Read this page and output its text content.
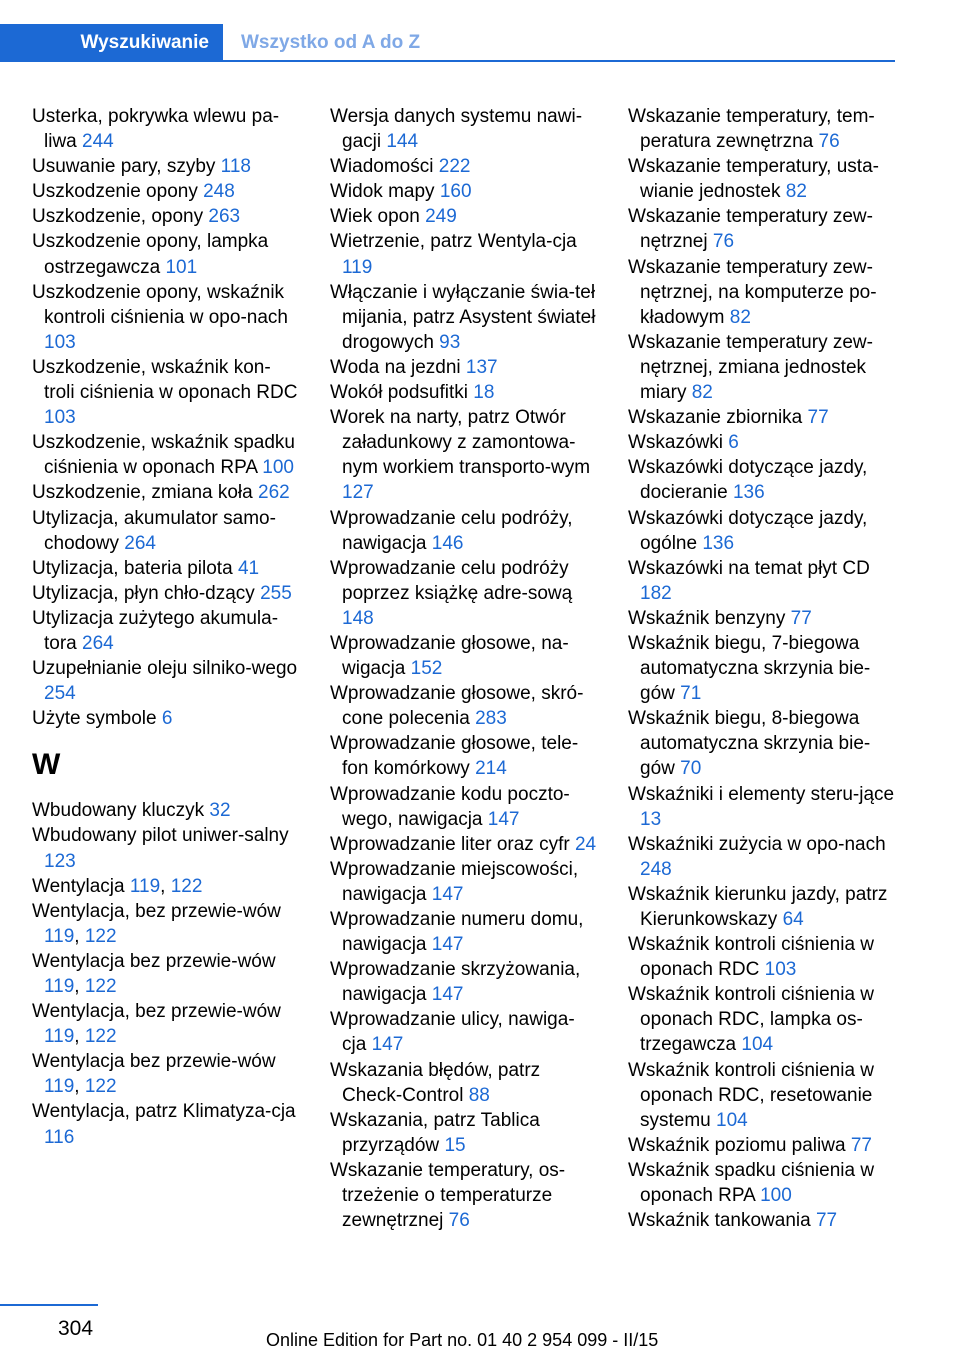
Wyszukiwanie Wszystko od A do Z

Usterka, pokrywka wlewu pa-liwa 244

Usuwanie pary, szyby 118

Uszkodzenie opony 248

Uszkodzenie, opony 263

Uszkodzenie opony, lampka ostrzegawcza 101

Uszkodzenie opony, wskaźnik kontroli ciśnienia w opo-nach 103

Uszkodzenie, wskaźnik kon-troli ciśnienia w oponach RDC 103

Uszkodzenie, wskaźnik spadku ciśnienia w oponach RPA 100

Uszkodzenie, zmiana koła 262

Utylizacja, akumulator samo-chodowy 264

Utylizacja, bateria pilota 41

Utylizacja, płyn chło-dzący 255

Utylizacja zużytego akumula-tora 264

Uzupełnianie oleju silniko-wego 254

Użyte symbole 6

W

Wbudowany kluczyk 32

Wbudowany pilot uniwer-salny 123

Wentylacja 119, 122

Wentylacja, bez przewie-wów 119, 122

Wentylacja bez przewie-wów 119, 122

Wentylacja, bez przewie-wów 119, 122

Wentylacja bez przewie-wów 119, 122

Wentylacja, patrz Klimatyza-cja 116

Wersja danych systemu nawi-gacji 144

Wiadomości 222

Widok mapy 160

Wiek opon 249

Wietrzenie, patrz Wentyla-cja 119

Włączanie i wyłączanie świa-teł mijania, patrz Asystent świateł drogowych 93

Woda na jezdni 137

Wokół podsufitki 18

Worek na narty, patrz Otwór załadunkowy z zamontowa-nym workiem transporto-wym 127

Wprowadzanie celu podróży, nawigacja 146

Wprowadzanie celu podróży poprzez książkę adre-sową 148

Wprowadzanie głosowe, na-wigacja 152

Wprowadzanie głosowe, skró-cone polecenia 283

Wprowadzanie głosowe, tele-fon komórkowy 214

Wprowadzanie kodu poczto-wego, nawigacja 147

Wprowadzanie liter oraz cyfr 24

Wprowadzanie miejscowości, nawigacja 147

Wprowadzanie numeru domu, nawigacja 147

Wprowadzanie skrzyżowania, nawigacja 147

Wprowadzanie ulicy, nawiga-cja 147

Wskazania błędów, patrz Check-Control 88

Wskazania, patrz Tablica przyrządów 15

Wskazanie temperatury, os-trzeżenie o temperaturze zewnętrznej 76

Wskazanie temperatury, tem-peratura zewnętrzna 76

Wskazanie temperatury, usta-wianie jednostek 82

Wskazanie temperatury zew-nętrznej 76

Wskazanie temperatury zew-nętrznej, na komputerze po-kładowym 82

Wskazanie temperatury zew-nętrznej, zmiana jednostek miary 82

Wskazanie zbiornika 77

Wskazówki 6

Wskazówki dotyczące jazdy, docieranie 136

Wskazówki dotyczące jazdy, ogólne 136

Wskazówki na temat płyt CD 182

Wskaźnik benzyny 77

Wskaźnik biegu, 7-biegowa automatyczna skrzynia bie-gów 71

Wskaźnik biegu, 8-biegowa automatyczna skrzynia bie-gów 70

Wskaźniki i elementy steru-jące 13

Wskaźniki zużycia w opo-nach 248

Wskaźnik kierunku jazdy, patrz Kierunkowskazy 64

Wskaźnik kontroli ciśnienia w oponach RDC 103

Wskaźnik kontroli ciśnienia w oponach RDC, lampka os-trzegawcza 104

Wskaźnik kontroli ciśnienia w oponach RDC, resetowanie systemu 104

Wskaźnik poziomu paliwa 77

Wskaźnik spadku ciśnienia w oponach RPA 100

Wskaźnik tankowania 77

304	Online Edition for Part no. 01 40 2 954 099 - II/15
